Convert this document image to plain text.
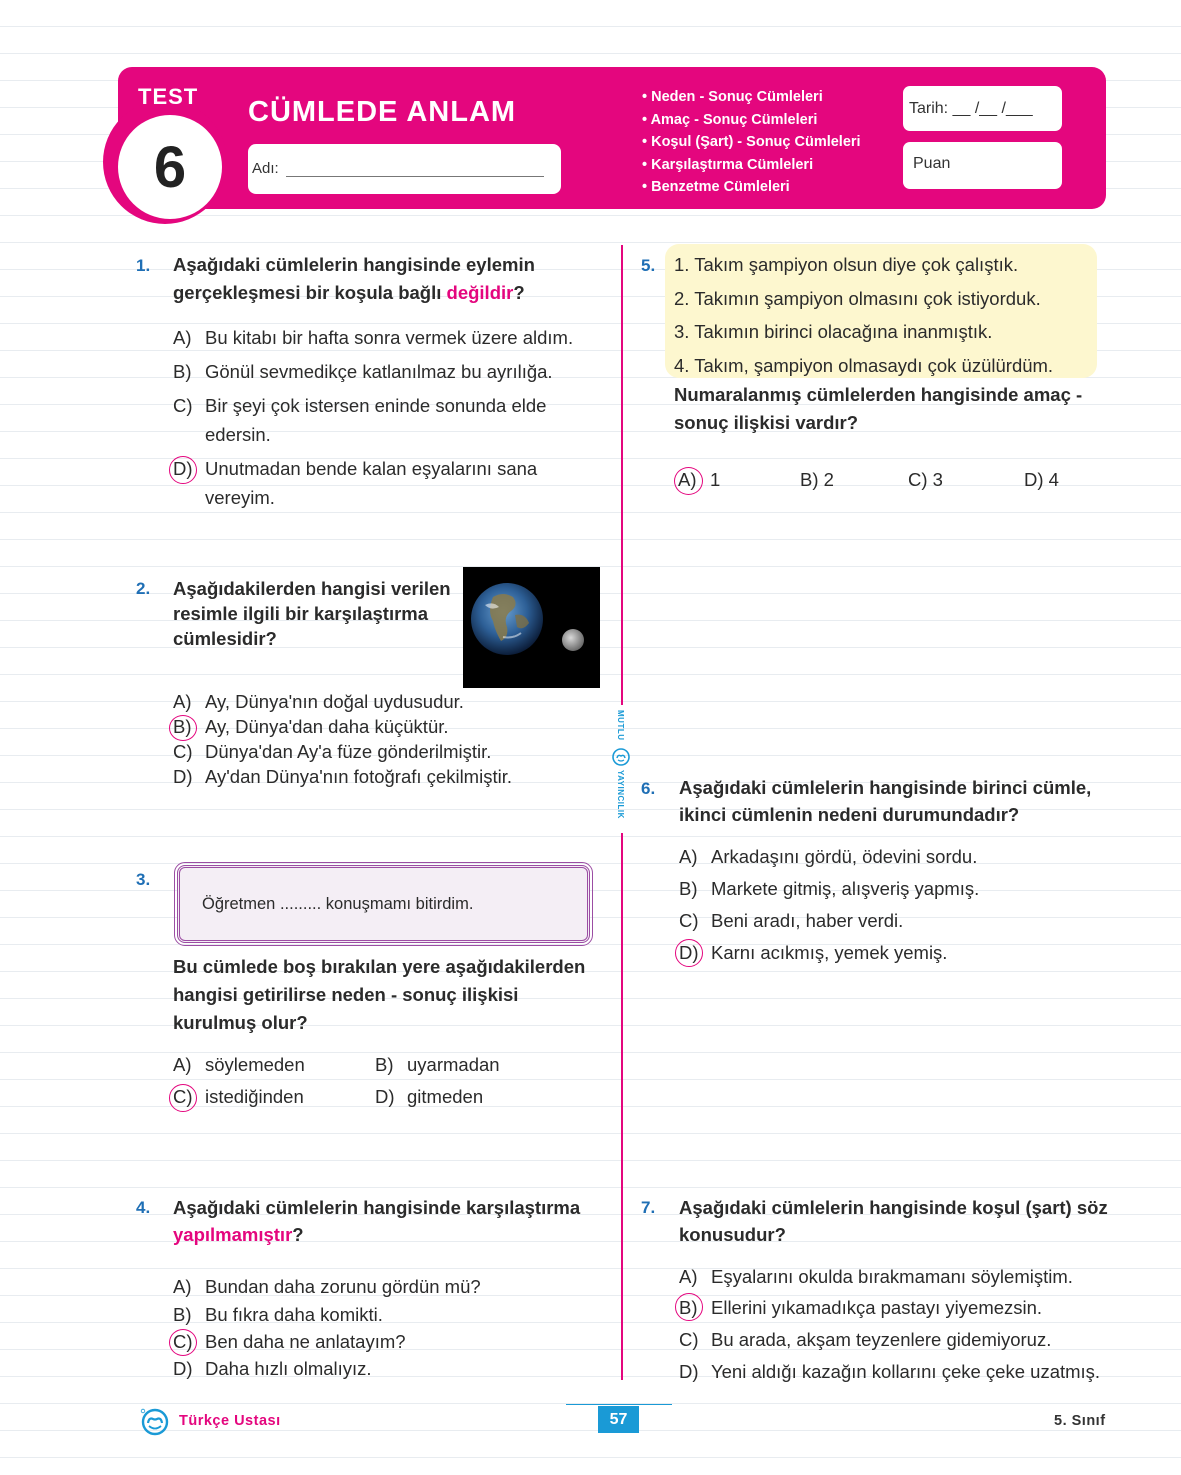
6
TEST CÜMLEDE ANLAM
Adı:
• Neden - Sonuç Cümleleri
• Amaç - Sonuç Cümleleri
• Koşul (Şart) - Sonuç Cümleleri
• Karşılaştırma Cümleleri
• Benzetme Cümleleri
Tarih: __ /__ /___
Puan
MUTLU
YAYINCILIK
1. Aşağıdaki cümlelerin hangisinde eylemin gerçekleşmesi bir koşula bağlı değildir?
A) Bu kitabı bir hafta sonra vermek üzere aldım.
B) Gönül sevmedikçe katlanılmaz bu ayrılığa.
C) Bir şeyi çok istersen eninde sonunda elde edersin.
D) Unutmadan bende kalan eşyalarını sana vereyim.
2. Aşağıdakilerden hangisi verilen resimle ilgili bir karşılaştırma cümlesidir?
A) Ay, Dünya'nın doğal uydusudur.
B) Ay, Dünya'dan daha küçüktür.
C) Dünya'dan Ay'a füze gönderilmiştir.
D) Ay'dan Dünya'nın fotoğrafı çekilmiştir.
3.
Öğretmen ......... konuşmamı bitirdim.
Bu cümlede boş bırakılan yere aşağıdakilerden hangisi getirilirse neden - sonuç ilişkisi kurulmuş olur?
A) söylemeden	B) uyarmadan
C) istediğinden	D) gitmeden
4. Aşağıdaki cümlelerin hangisinde karşılaştırma yapılmamıştır?
A) Bundan daha zorunu gördün mü?
B) Bu fıkra daha komikti.
C) Ben daha ne anlatayım?
D) Daha hızlı olmalıyız.
5. 1. Takım şampiyon olsun diye çok çalıştık.
2. Takımın şampiyon olmasını çok istiyorduk.
3. Takımın birinci olacağına inanmıştık.
4. Takım, şampiyon olmasaydı çok üzülürdüm.
Numaralanmış cümlelerden hangisinde amaç - sonuç ilişkisi vardır?
A) 1	B) 2	C) 3	D) 4
6. Aşağıdaki cümlelerin hangisinde birinci cümle, ikinci cümlenin nedeni durumundadır?
A) Arkadaşını gördü, ödevini sordu.
B) Markete gitmiş, alışveriş yapmış.
C) Beni aradı, haber verdi.
D) Karnı acıkmış, yemek yemiş.
7. Aşağıdaki cümlelerin hangisinde koşul (şart) söz konusudur?
A) Eşyalarını okulda bırakmamanı söylemiştim.
B) Ellerini yıkamadıkça pastayı yiyemezsin.
C) Bu arada, akşam teyzenlere gidemiyoruz.
D) Yeni aldığı kazağın kollarını çeke çeke uzatmış.
Türkçe Ustası	57	5. Sınıf
